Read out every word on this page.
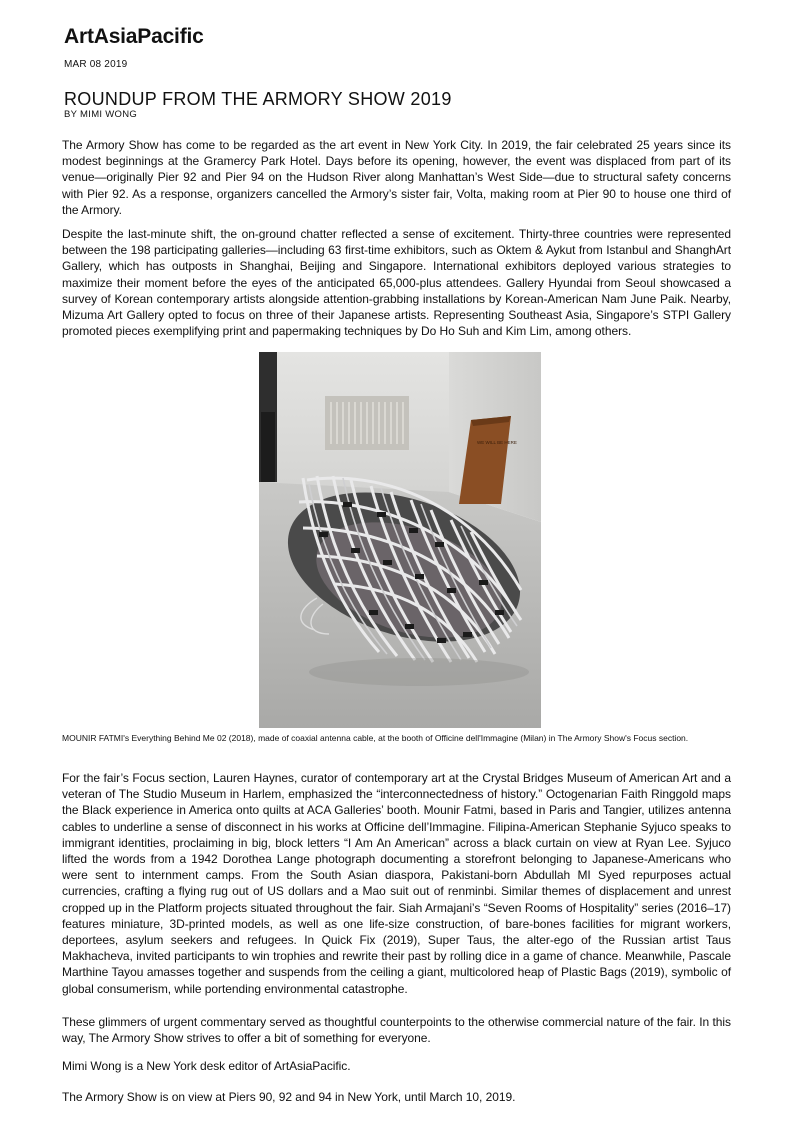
ArtAsiaPacific
MAR 08 2019
ROUNDUP FROM THE ARMORY SHOW 2019
BY MIMI WONG

The Armory Show has come to be regarded as the art event in New York City. In 2019, the fair celebrated 25 years since its modest beginnings at the Gramercy Park Hotel. Days before its opening, however, the event was displaced from part of its venue—originally Pier 92 and Pier 94 on the Hudson River along Manhattan’s West Side—due to structural safety concerns with Pier 92. As a response, organizers cancelled the Armory’s sister fair, Volta, making room at Pier 90 to house one third of the Armory.

Despite the last-minute shift, the on-ground chatter reflected a sense of excitement. Thirty-three countries were represented between the 198 participating galleries—including 63 first-time exhibitors, such as Oktem & Aykut from Istanbul and ShanghArt Gallery, which has outposts in Shanghai, Beijing and Singapore. International exhibitors deployed various strategies to maximize their moment before the eyes of the anticipated 65,000-plus attendees. Gallery Hyundai from Seoul showcased a survey of Korean contemporary artists alongside attention-grabbing installations by Korean-American Nam June Paik. Nearby, Mizuma Art Gallery opted to focus on three of their Japanese artists. Representing Southeast Asia, Singapore’s STPI Gallery promoted pieces exemplifying print and papermaking techniques by Do Ho Suh and Kim Lim, among others.

WE WILL BE HERE

MOUNIR FATMI's Everything Behind Me 02 (2018), made of coaxial antenna cable, at the booth of Officine dell'Immagine (Milan) in The Armory Show's Focus section.

For the fair’s Focus section, Lauren Haynes, curator of contemporary art at the Crystal Bridges Museum of American Art and a veteran of The Studio Museum in Harlem, emphasized the “interconnectedness of history.” Octogenarian Faith Ringgold maps the Black experience in America onto quilts at ACA Galleries’ booth. Mounir Fatmi, based in Paris and Tangier, utilizes antenna cables to underline a sense of disconnect in his works at Officine dell’Immagine. Filipina-American Stephanie Syjuco speaks to immigrant identities, proclaiming in big, block letters “I Am An American” across a black curtain on view at Ryan Lee. Syjuco lifted the words from a 1942 Dorothea Lange photograph documenting a storefront belonging to Japanese-Americans who were sent to internment camps. From the South Asian diaspora, Pakistani-born Abdullah MI Syed repurposes actual currencies, crafting a flying rug out of US dollars and a Mao suit out of renminbi. Similar themes of displacement and unrest cropped up in the Platform projects situated throughout the fair. Siah Armajani’s “Seven Rooms of Hospitality” series (2016–17) features miniature, 3D-printed models, as well as one life-size construction, of bare-bones facilities for migrant workers, deportees, asylum seekers and refugees. In Quick Fix (2019), Super Taus, the alter-ego of the Russian artist Taus Makhacheva, invited participants to win trophies and rewrite their past by rolling dice in a game of chance. Meanwhile, Pascale Marthine Tayou amasses together and suspends from the ceiling a giant, multicolored heap of Plastic Bags (2019), symbolic of global consumerism, while portending environmental catastrophe.

These glimmers of urgent commentary served as thoughtful counterpoints to the otherwise commercial nature of the fair. In this way, The Armory Show strives to offer a bit of something for everyone.

Mimi Wong is a New York desk editor of ArtAsiaPacific.

The Armory Show is on view at Piers 90, 92 and 94 in New York, until March 10, 2019.
